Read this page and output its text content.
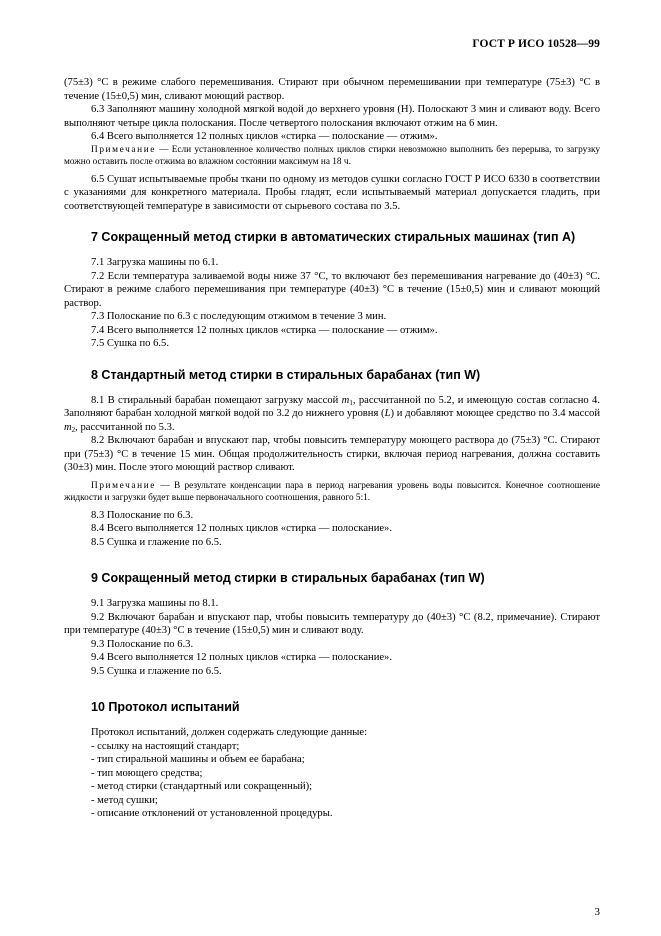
ГОСТ Р ИСО 10528—99

(75±3) °С в режиме слабого перемешивания. Стирают при обычном перемешивании при температуре (75±3) °С в течение (15±0,5) мин, сливают моющий раствор.

6.3 Заполняют машину холодной мягкой водой до верхнего уровня (Н). Полоскают 3 мин и сливают воду. Всего выполняют четыре цикла полоскания. После четвертого полоскания включают отжим на 6 мин.

6.4 Всего выполняется 12 полных циклов «стирка — полоскание — отжим».

Примечание — Если установленное количество полных циклов стирки невозможно выполнить без перерыва, то загрузку можно оставить после отжима во влажном состоянии максимум на 18 ч.

6.5 Сушат испытываемые пробы ткани по одному из методов сушки согласно ГОСТ Р ИСО 6330 в соответствии с указаниями для конкретного материала. Пробы гладят, если испытываемый материал допускается гладить, при соответствующей температуре в зависимости от сырьевого состава по 3.5.

7 Сокращенный метод стирки в автоматических стиральных машинах (тип А)

7.1 Загрузка машины по 6.1.

7.2 Если температура заливаемой воды ниже 37 °С, то включают без перемешивания нагревание до (40±3) °С. Стирают в режиме слабого перемешивания при температуре (40±3) °С в течение (15±0,5) мин и сливают моющий раствор.

7.3 Полоскание по 6.3 с последующим отжимом в течение 3 мин.

7.4 Всего выполняется 12 полных циклов «стирка — полоскание — отжим».

7.5 Сушка по 6.5.

8 Стандартный метод стирки в стиральных барабанах (тип W)

8.1 В стиральный барабан помещают загрузку массой $m_1$, рассчитанной по 5.2, и имеющую состав согласно 4. Заполняют барабан холодной мягкой водой по 3.2 до нижнего уровня (L) и добавляют моющее средство по 3.4 массой $m_2$, рассчитанной по 5.3.

8.2 Включают барабан и впускают пар, чтобы повысить температуру моющего раствора до (75±3) °С. Стирают при (75±3) °С в течение 15 мин. Общая продолжительность стирки, включая период нагревания, должна составить (30±3) мин. После этого моющий раствор сливают.

Примечание — В результате конденсации пара в период нагревания уровень воды повысится. Конечное соотношение жидкости и загрузки будет выше первоначального соотношения, равного 5:1.

8.3 Полоскание по 6.3.

8.4 Всего выполняется 12 полных циклов «стирка — полоскание».

8.5 Сушка и глажение по 6.5.

9 Сокращенный метод стирки в стиральных барабанах (тип W)

9.1 Загрузка машины по 8.1.

9.2 Включают барабан и впускают пар, чтобы повысить температуру до (40±3) °С (8.2, примечание). Стирают при температуре (40±3) °С в течение (15±0,5) мин и сливают воду.

9.3 Полоскание по 6.3.

9.4 Всего выполняется 12 полных циклов «стирка — полоскание».

9.5 Сушка и глажение по 6.5.

10 Протокол испытаний

Протокол испытаний, должен содержать следующие данные:

- ссылку на настоящий стандарт;
- тип стиральной машины и объем ее барабана;
- тип моющего средства;
- метод стирки (стандартный или сокращенный);
- метод сушки;
- описание отклонений от установленной процедуры.
3
